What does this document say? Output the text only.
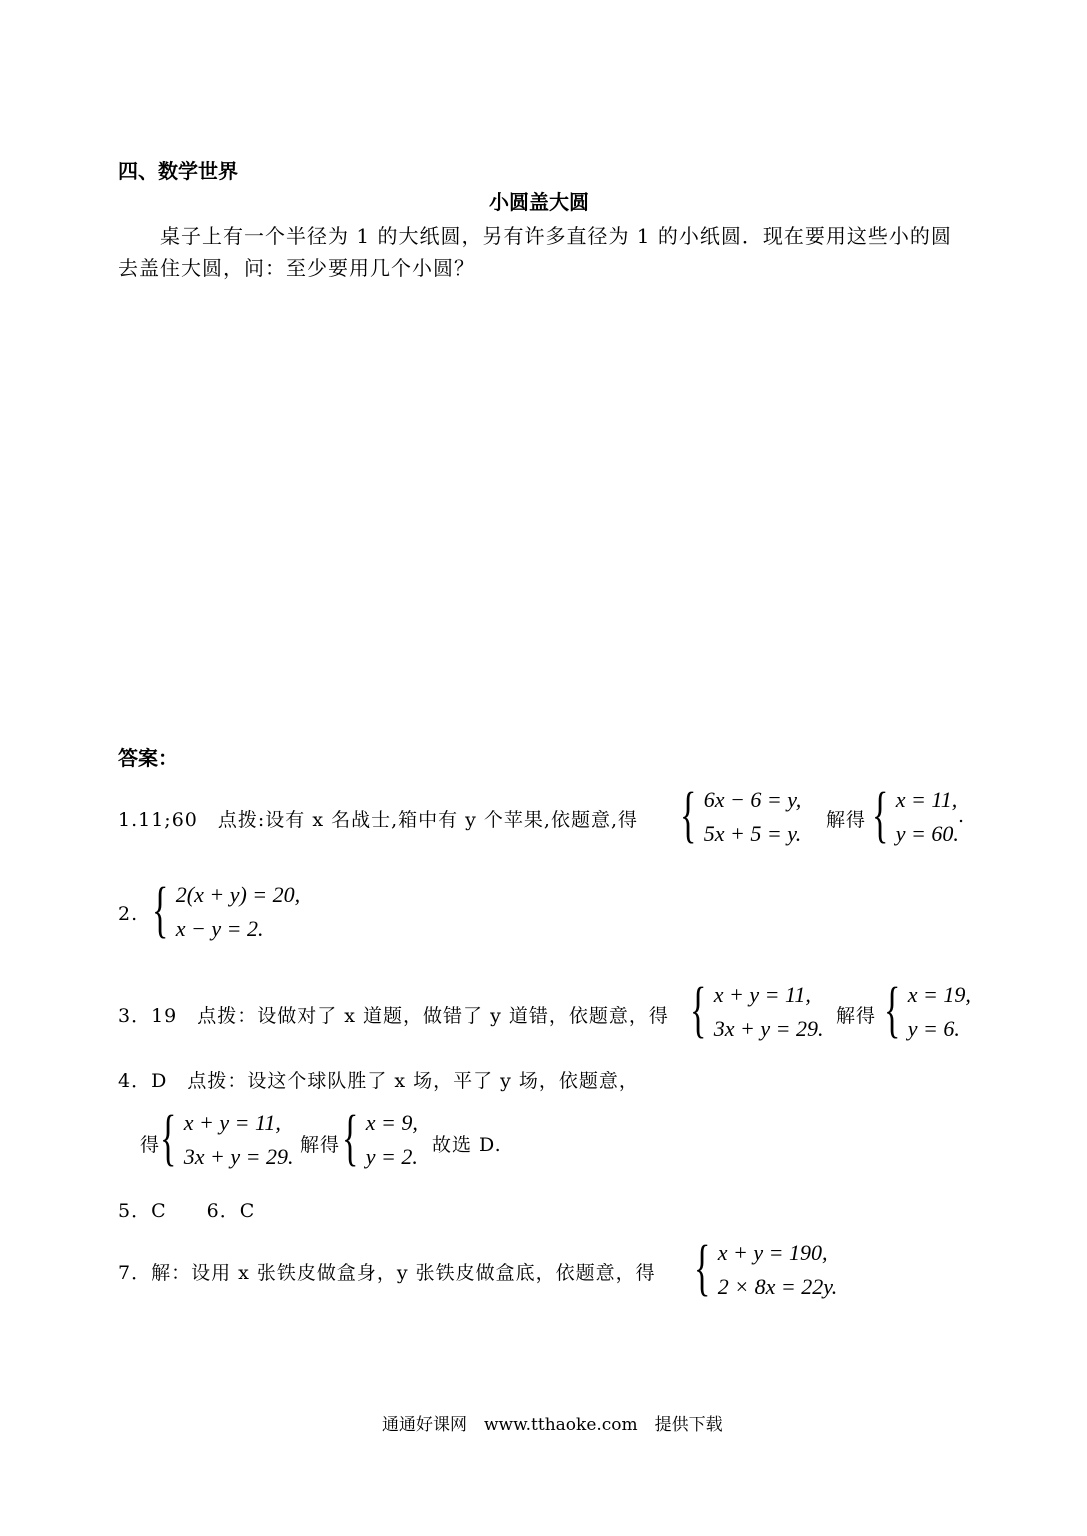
四、数学世界
小圆盖大圆
桌子上有一个半径为 1 的大纸圆，另有许多直径为 1 的小纸圆．现在要用这些小的圆
去盖住大圆，问：至少要用几个小圆？
答案：
1.11;60　点拨:设有 x 名战士,箱中有 y 个苹果,依题意,得 { 6x − 6 = y,
5x + 5 = y.
解得 { x = 11,
y = 60.
.
2. { 2(x + y) = 20,
x − y = 2.
3．19　点拨：设做对了 x 道题，做错了 y 道错，依题意，得 { x + y = 11,
3x + y = 29. 解得 { x = 19,
y = 6.
4．D　点拨：设这个球队胜了 x 场，平了 y 场，依题意，
得 { x + y = 11,
3x + y = 29. 解得 { x = 9,
y = 2. 故选 D.
5．C　　6．C
7．解：设用 x 张铁皮做盒身，y 张铁皮做盒底，依题意，得 { x + y = 190,
2 × 8x = 22y.
通通好课网　www.tthaoke.com　提供下载
